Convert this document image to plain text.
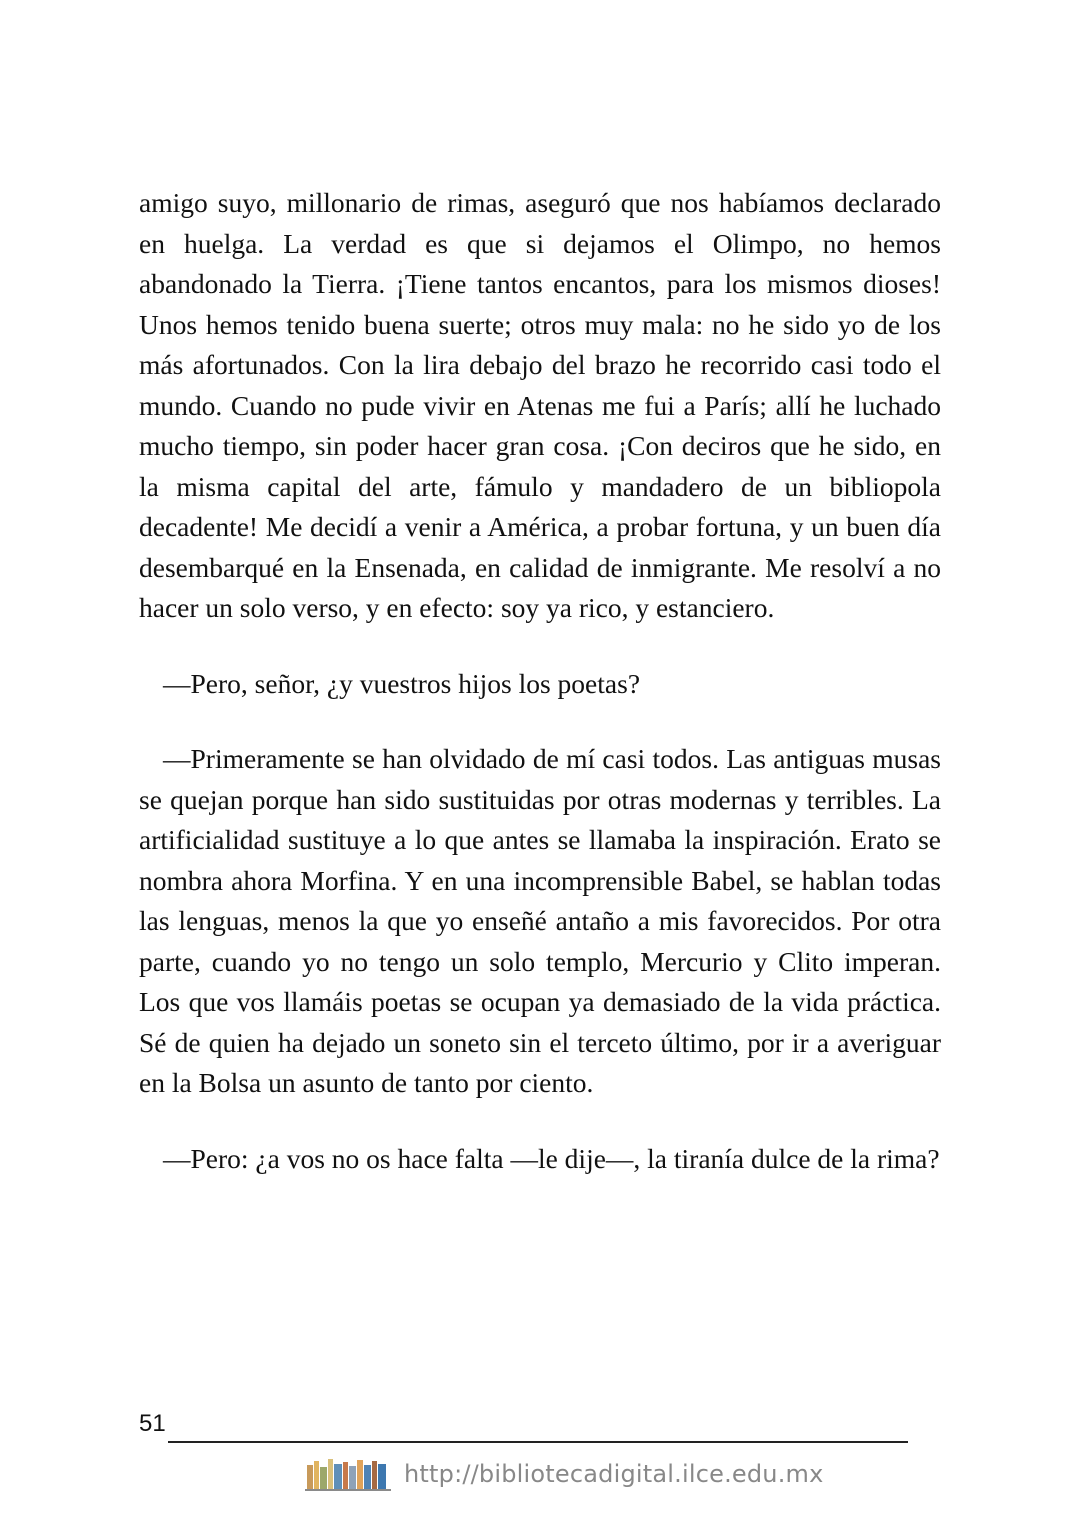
amigo suyo, millonario de rimas, aseguró que nos habíamos declarado en huelga. La verdad es que si dejamos el Olimpo, no hemos abandonado la Tierra. ¡Tiene tantos encantos, para los mismos dioses! Unos hemos tenido buena suerte; otros muy mala: no he sido yo de los más afortunados. Con la lira debajo del brazo he recorrido casi todo el mundo. Cuando no pude vivir en Atenas me fui a París; allí he luchado mucho tiempo, sin poder hacer gran cosa. ¡Con deciros que he sido, en la misma capital del arte, fámulo y mandadero de un bibliopola decadente! Me decidí a venir a América, a probar fortuna, y un buen día desembarqué en la Ensenada, en calidad de inmigrante. Me resolví a no hacer un solo verso, y en efecto: soy ya rico, y estanciero.

—Pero, señor, ¿y vuestros hijos los poetas?

—Primeramente se han olvidado de mí casi todos. Las antiguas musas se quejan porque han sido sustituidas por otras modernas y terribles. La artificialidad sustituye a lo que antes se llamaba la inspiración. Erato se nombra ahora Morfina. Y en una incomprensible Babel, se hablan todas las lenguas, menos la que yo enseñé antaño a mis favorecidos. Por otra parte, cuando yo no tengo un solo templo, Mercurio y Clito imperan. Los que vos llamáis poetas se ocupan ya demasiado de la vida práctica. Sé de quien ha dejado un soneto sin el terceto último, por ir a averiguar en la Bolsa un asunto de tanto por ciento.

—Pero: ¿a vos no os hace falta —le dije—, la tiranía dulce de la rima?

51
http://bibliotecadigital.ilce.edu.mx
